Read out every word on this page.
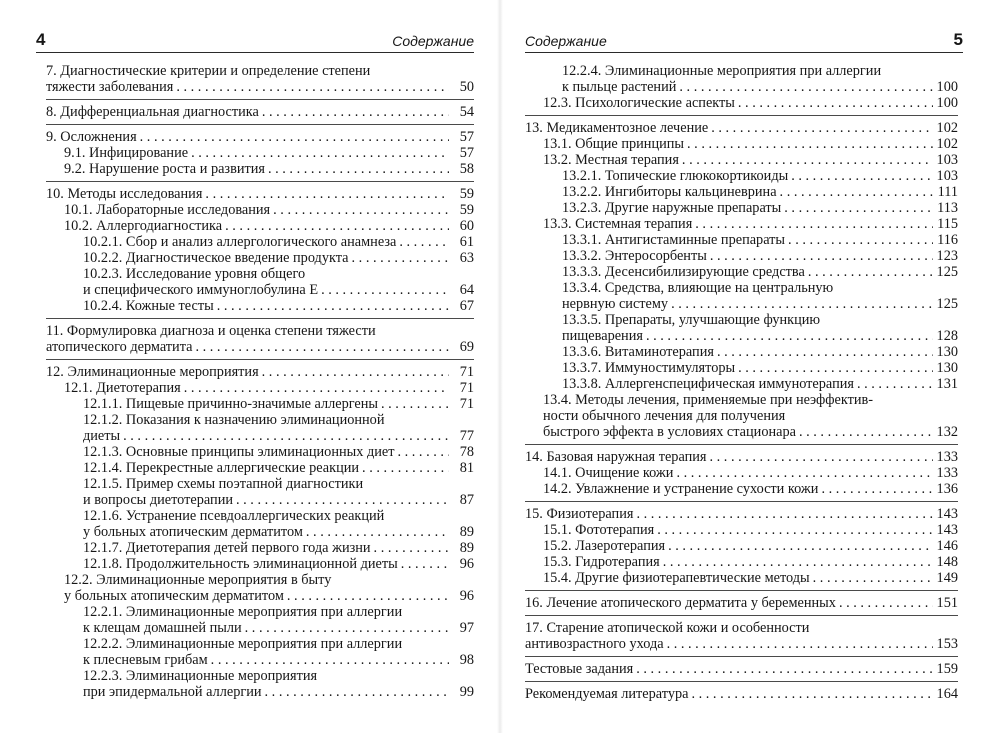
4	Содержание
7. Диагностические критерии и определение степени
тяжести заболевания . . .	50
8. Дифференциальная диагностика . . .	54
9. Осложнения . . .	57
9.1. Инфицирование . . .	57
9.2. Нарушение роста и развития . . .	58
10. Методы исследования . . .	59
10.1. Лабораторные исследования . . .	59
10.2. Аллергодиагностика . . .	60
10.2.1. Сбор и анализ аллергологического анамнеза . . .	61
10.2.2. Диагностическое введение продукта . . .	63
10.2.3. Исследование уровня общего
и специфического иммуноглобулина Е . . .	64
10.2.4. Кожные тесты . . .	67
11. Формулировка диагноза и оценка степени тяжести
атопического дерматита . . .	69
12. Элиминационные мероприятия . . .	71
12.1. Диетотерапия . . .	71
12.1.1. Пищевые причинно-значимые аллергены . . .	71
12.1.2. Показания к назначению элиминационной
диеты . . .	77
12.1.3. Основные принципы элиминационных диет . . .	78
12.1.4. Перекрестные аллергические реакции . . .	81
12.1.5. Пример схемы поэтапной диагностики
и вопросы диетотерапии . . .	87
12.1.6. Устранение псевдоаллергических реакций
у больных атопическим дерматитом . . .	89
12.1.7. Диетотерапия детей первого года жизни . . .	89
12.1.8. Продолжительность элиминационной диеты . . .	96
12.2. Элиминационные мероприятия в быту
у больных атопическим дерматитом . . .	96
12.2.1. Элиминационные мероприятия при аллергии
к клещам домашней пыли . . .	97
12.2.2. Элиминационные мероприятия при аллергии
к плесневым грибам . . .	98
12.2.3. Элиминационные мероприятия
при эпидермальной аллергии . . .	99
Содержание	5
12.2.4. Элиминационные мероприятия при аллергии
к пыльце растений . . .	100
12.3. Психологические аспекты . . .	100
13. Медикаментозное лечение . . .	102
13.1. Общие принципы . . .	102
13.2. Местная терапия . . .	103
13.2.1. Топические глюкокортикоиды . . .	103
13.2.2. Ингибиторы кальциневрина . . .	111
13.2.3. Другие наружные препараты . . .	113
13.3. Системная терапия . . .	115
13.3.1. Антигистаминные препараты . . .	116
13.3.2. Энтеросорбенты . . .	123
13.3.3. Десенсибилизирующие средства . . .	125
13.3.4. Средства, влияющие на центральную
нервную систему . . .	125
13.3.5. Препараты, улучшающие функцию
пищеварения . . .	128
13.3.6. Витаминотерапия . . .	130
13.3.7. Иммуностимуляторы . . .	130
13.3.8. Аллергенспецифическая иммунотерапия . . .	131
13.4. Методы лечения, применяемые при неэффектив-
ности обычного лечения для получения
быстрого эффекта в условиях стационара . . .	132
14. Базовая наружная терапия . . .	133
14.1. Очищение кожи . . .	133
14.2. Увлажнение и устранение сухости кожи . . .	136
15. Физиотерапия . . .	143
15.1. Фототерапия . . .	143
15.2. Лазеротерапия . . .	146
15.3. Гидротерапия . . .	148
15.4. Другие физиотерапевтические методы . . .	149
16. Лечение атопического дерматита у беременных . . .	151
17. Старение атопической кожи и особенности
антивозрастного ухода . . .	153
Тестовые задания . . .	159
Рекомендуемая литература . . .	164
